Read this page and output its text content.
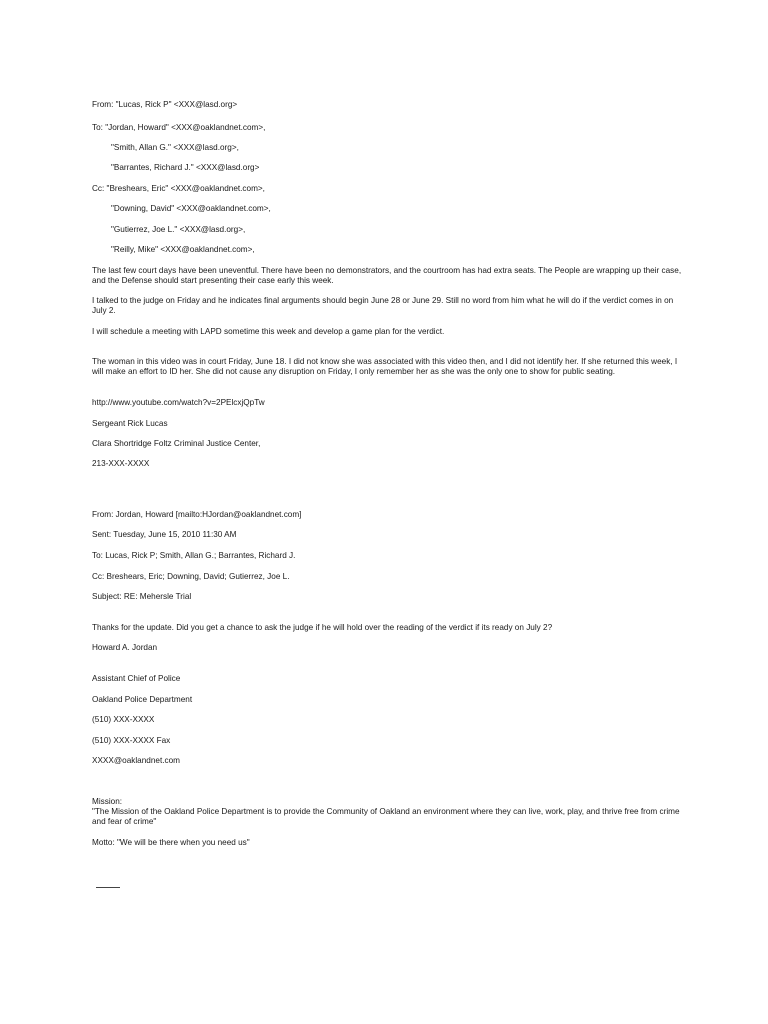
From: "Lucas, Rick P" <XXX@lasd.org>
To: "Jordan, Howard" <XXX@oaklandnet.com>,
"Smith, Allan G." <XXX@lasd.org>,
"Barrantes, Richard J." <XXX@lasd.org>
Cc: "Breshears, Eric" <XXX@oaklandnet.com>,
"Downing, David" <XXX@oaklandnet.com>,
"Gutierrez, Joe L." <XXX@lasd.org>,
"Reilly, Mike" <XXX@oaklandnet.com>,
The last few court days have been uneventful. There have been no demonstrators, and the courtroom has had extra seats. The People are wrapping up their case, and the Defense should start presenting their case early this week.
I talked to the judge on Friday and he indicates final arguments should begin June 28 or June 29. Still no word from him what he will do if the verdict comes in on July 2.
I will schedule a meeting with LAPD sometime this week and develop a game plan for the verdict.
The woman in this video was in court Friday, June 18. I did not know she was associated with this video then, and I did not identify her. If she returned this week, I will make an effort to ID her. She did not cause any disruption on Friday, I only remember her as she was the only one to show for public seating.
http://www.youtube.com/watch?v=2PElcxjQpTw
Sergeant Rick Lucas
Clara Shortridge Foltz Criminal Justice Center,
213-XXX-XXXX
From: Jordan, Howard [mailto:HJordan@oaklandnet.com]
Sent: Tuesday, June 15, 2010 11:30 AM
To: Lucas, Rick P; Smith, Allan G.; Barrantes, Richard J.
Cc: Breshears, Eric; Downing, David; Gutierrez, Joe L.
Subject: RE: Mehersle Trial
Thanks for the update. Did you get a chance to ask the judge if he will hold over the reading of the verdict if its ready on July 2?
Howard A. Jordan
Assistant Chief of Police
Oakland Police Department
(510) XXX-XXXX
(510) XXX-XXXX Fax
XXXX@oaklandnet.com
Mission:
"The Mission of the Oakland Police Department is to provide the Community of Oakland an environment where they can live, work, play, and thrive free from crime and fear of crime"
Motto: "We will be there when you need us"
